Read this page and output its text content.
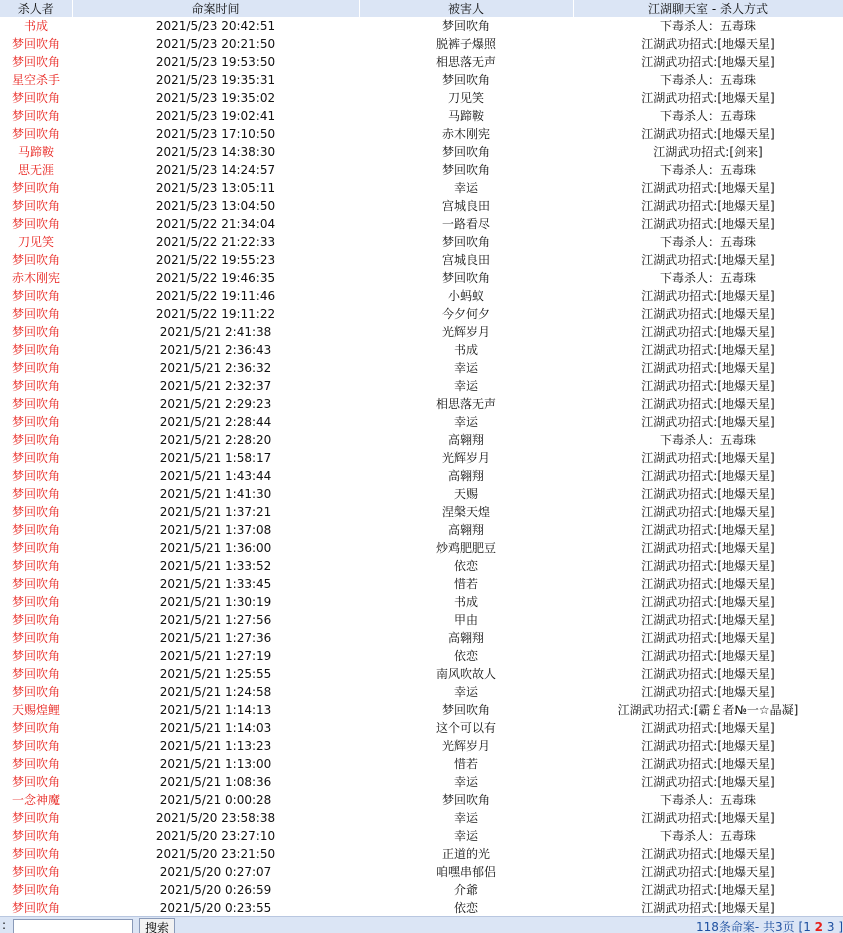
杀人者	命案时间	被害人	江湖聊天室 - 杀人方式
书成	2021/5/23 20:42:51	梦回吹角	下毒杀人：五毒珠
梦回吹角	2021/5/23 20:21:50	脱裤子爆照	江湖武功招式:[地爆天星]
梦回吹角	2021/5/23 19:53:50	相思落无声	江湖武功招式:[地爆天星]
星空杀手	2021/5/23 19:35:31	梦回吹角	下毒杀人：五毒珠
梦回吹角	2021/5/23 19:35:02	刀见笑	江湖武功招式:[地爆天星]
梦回吹角	2021/5/23 19:02:41	马蹄鞍	下毒杀人：五毒珠
梦回吹角	2021/5/23 17:10:50	赤木刚宪	江湖武功招式:[地爆天星]
马蹄鞍	2021/5/23 14:38:30	梦回吹角	江湖武功招式:[剑来]
思无涯	2021/5/23 14:24:57	梦回吹角	下毒杀人：五毒珠
梦回吹角	2021/5/23 13:05:11	幸运	江湖武功招式:[地爆天星]
梦回吹角	2021/5/23 13:04:50	宫城良田	江湖武功招式:[地爆天星]
梦回吹角	2021/5/22 21:34:04	一路看尽	江湖武功招式:[地爆天星]
刀见笑	2021/5/22 21:22:33	梦回吹角	下毒杀人：五毒珠
梦回吹角	2021/5/22 19:55:23	宫城良田	江湖武功招式:[地爆天星]
赤木刚宪	2021/5/22 19:46:35	梦回吹角	下毒杀人：五毒珠
梦回吹角	2021/5/22 19:11:46	小蚂蚁	江湖武功招式:[地爆天星]
梦回吹角	2021/5/22 19:11:22	今夕何夕	江湖武功招式:[地爆天星]
梦回吹角	2021/5/21 2:41:38	光辉岁月	江湖武功招式:[地爆天星]
梦回吹角	2021/5/21 2:36:43	书成	江湖武功招式:[地爆天星]
梦回吹角	2021/5/21 2:36:32	幸运	江湖武功招式:[地爆天星]
梦回吹角	2021/5/21 2:32:37	幸运	江湖武功招式:[地爆天星]
梦回吹角	2021/5/21 2:29:23	相思落无声	江湖武功招式:[地爆天星]
梦回吹角	2021/5/21 2:28:44	幸运	江湖武功招式:[地爆天星]
梦回吹角	2021/5/21 2:28:20	高翱翔	下毒杀人：五毒珠
梦回吹角	2021/5/21 1:58:17	光辉岁月	江湖武功招式:[地爆天星]
梦回吹角	2021/5/21 1:43:44	高翱翔	江湖武功招式:[地爆天星]
梦回吹角	2021/5/21 1:41:30	天赐	江湖武功招式:[地爆天星]
梦回吹角	2021/5/21 1:37:21	涅槃天煌	江湖武功招式:[地爆天星]
梦回吹角	2021/5/21 1:37:08	高翱翔	江湖武功招式:[地爆天星]
梦回吹角	2021/5/21 1:36:00	炒鸡肥肥豆	江湖武功招式:[地爆天星]
梦回吹角	2021/5/21 1:33:52	依恋	江湖武功招式:[地爆天星]
梦回吹角	2021/5/21 1:33:45	惜若	江湖武功招式:[地爆天星]
梦回吹角	2021/5/21 1:30:19	书成	江湖武功招式:[地爆天星]
梦回吹角	2021/5/21 1:27:56	甲由	江湖武功招式:[地爆天星]
梦回吹角	2021/5/21 1:27:36	高翱翔	江湖武功招式:[地爆天星]
梦回吹角	2021/5/21 1:27:19	依恋	江湖武功招式:[地爆天星]
梦回吹角	2021/5/21 1:25:55	南风吹故人	江湖武功招式:[地爆天星]
梦回吹角	2021/5/21 1:24:58	幸运	江湖武功招式:[地爆天星]
天赐煌鲤	2021/5/21 1:14:13	梦回吹角	江湖武功招式:[霸￡者№一☆晶凝]
梦回吹角	2021/5/21 1:14:03	这个可以有	江湖武功招式:[地爆天星]
梦回吹角	2021/5/21 1:13:23	光辉岁月	江湖武功招式:[地爆天星]
梦回吹角	2021/5/21 1:13:00	惜若	江湖武功招式:[地爆天星]
梦回吹角	2021/5/21 1:08:36	幸运	江湖武功招式:[地爆天星]
一念神魔	2021/5/21 0:00:28	梦回吹角	下毒杀人：五毒珠
梦回吹角	2021/5/20 23:58:38	幸运	江湖武功招式:[地爆天星]
梦回吹角	2021/5/20 23:27:10	幸运	下毒杀人：五毒珠
梦回吹角	2021/5/20 23:21:50	正道的光	江湖武功招式:[地爆天星]
梦回吹角	2021/5/20 0:27:07	咱嘿串郁侣	江湖武功招式:[地爆天星]
梦回吹角	2021/5/20 0:26:59	介爺	江湖武功招式:[地爆天星]
梦回吹角	2021/5/20 0:23:55	依恋	江湖武功招式:[地爆天星]
:	搜索	118条命案- 共3页 [1 2 3 ]
